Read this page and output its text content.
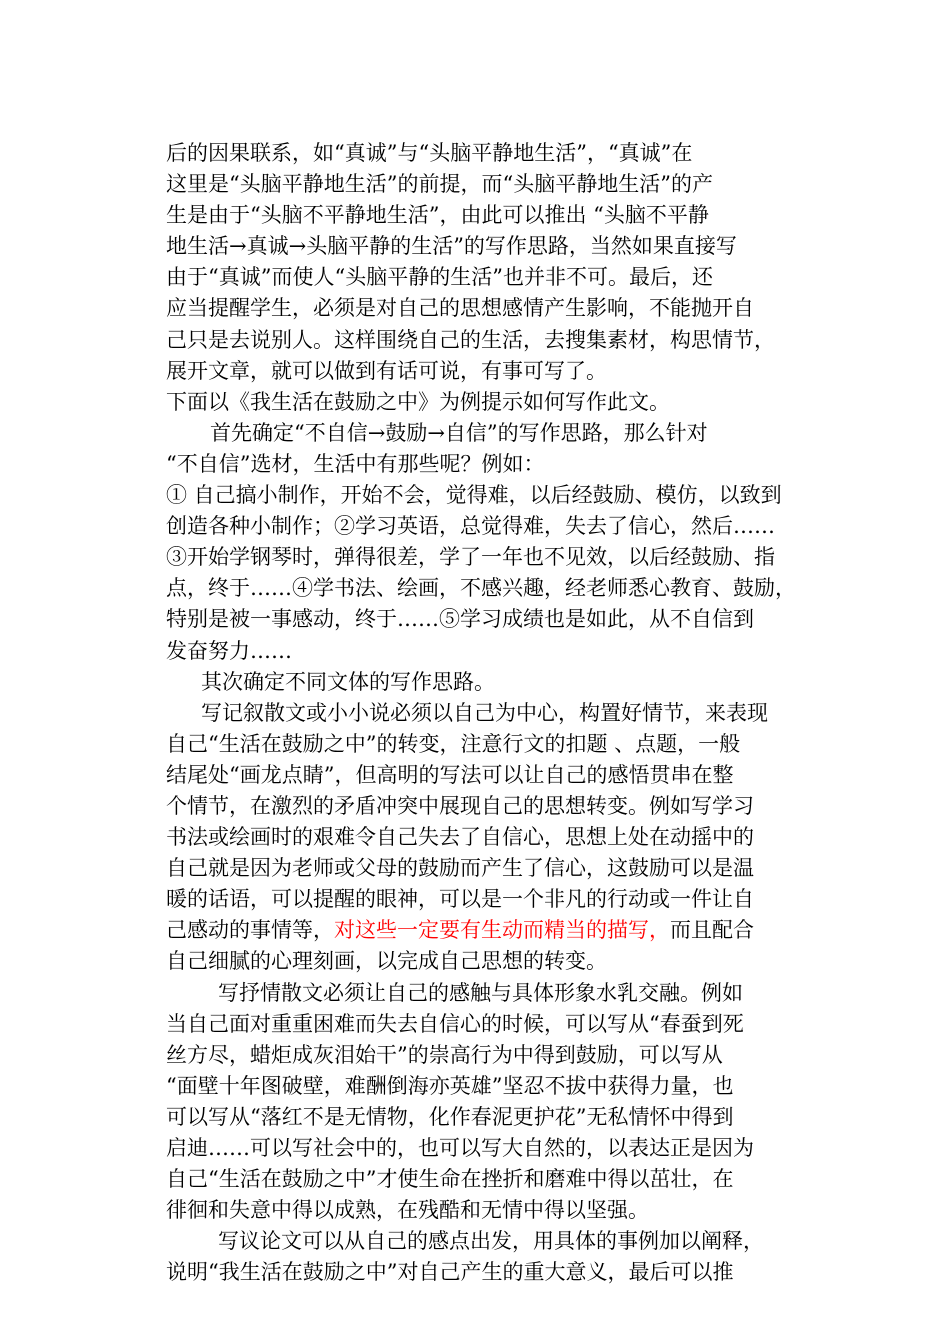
后的因果联系，如“真诚”与“头脑平静地生活”，“真诚”在
这里是“头脑平静地生活”的前提，而“头脑平静地生活”的产
生是由于“头脑不平静地生活”，由此可以推出 “头脑不平静
地生活→真诚→头脑平静的生活”的写作思路，当然如果直接写
由于“真诚”而使人“头脑平静的生活”也并非不可。最后，还
应当提醒学生，必须是对自己的思想感情产生影响，不能抛开自
己只是去说别人。这样围绕自己的生活，去搜集素材，构思情节，
展开文章，就可以做到有话可说，有事可写了。
下面以《我生活在鼓励之中》为例提示如何写作此文。
首先确定“不自信→鼓励→自信”的写作思路，那么针对
“不自信”选材，生活中有那些呢？例如：
① 自己搞小制作，开始不会，觉得难，以后经鼓励、模仿，以致到
创造各种小制作；②学习英语，总觉得难，失去了信心，然后……
③开始学钢琴时，弹得很差，学了一年也不见效，以后经鼓励、指
点，终于……④学书法、绘画，不感兴趣，经老师悉心教育、鼓励，
特别是被一事感动，终于……⑤学习成绩也是如此，从不自信到
发奋努力……
其次确定不同文体的写作思路。
写记叙散文或小小说必须以自己为中心，构置好情节，来表现
自己“生活在鼓励之中”的转变，注意行文的扣题 、点题，一般
结尾处“画龙点睛”，但高明的写法可以让自己的感悟贯串在整
个情节，在激烈的矛盾冲突中展现自己的思想转变。例如写学习
书法或绘画时的艰难令自己失去了自信心，思想上处在动摇中的
自己就是因为老师或父母的鼓励而产生了信心，这鼓励可以是温
暖的话语，可以提醒的眼神，可以是一个非凡的行动或一件让自
己感动的事情等，对这些一定要有生动而精当的描写，而且配合
自己细腻的心理刻画，以完成自己思想的转变。
写抒情散文必须让自己的感触与具体形象水乳交融。例如
当自己面对重重困难而失去自信心的时候，可以写从“春蚕到死
丝方尽，蜡炬成灰泪始干”的崇高行为中得到鼓励，可以写从
“面壁十年图破壁，难酬倒海亦英雄”坚忍不拔中获得力量，也
可以写从“落红不是无情物，化作春泥更护花”无私情怀中得到
启迪……可以写社会中的，也可以写大自然的，以表达正是因为
自己“生活在鼓励之中”才使生命在挫折和磨难中得以茁壮，在
徘徊和失意中得以成熟，在残酷和无情中得以坚强。
写议论文可以从自己的感点出发，用具体的事例加以阐释，
说明“我生活在鼓励之中”对自己产生的重大意义，最后可以推
